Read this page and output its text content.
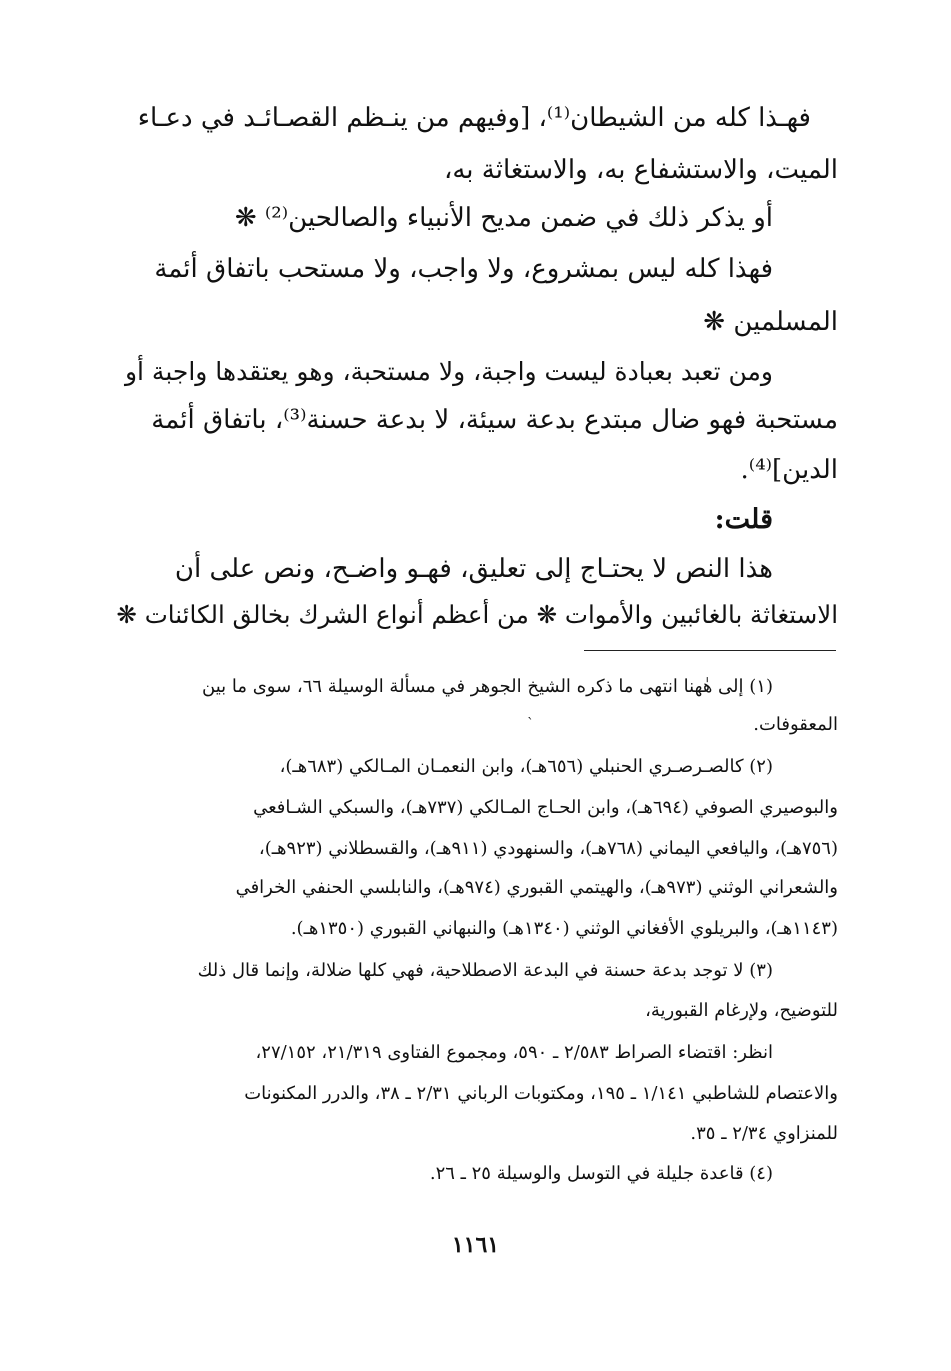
فهـذا كله من الشيطان⁽¹⁾، [وفيهم من ينـظم القصـائـد في دعـاء
الميت، والاستشفاع به، والاستغاثة به،
أو يذكر ذلك في ضمن مديح الأنبياء والصالحين⁽²⁾ ❋
فهذا كله ليس بمشروع، ولا واجب، ولا مستحب باتفاق أئمة
المسلمين ❋
ومن تعبد بعبادة ليست واجبة، ولا مستحبة، وهو يعتقدها واجبة أو
مستحبة فهو ضال مبتدع بدعة سيئة، لا بدعة حسنة⁽³⁾، باتفاق أئمة
الدين]⁽⁴⁾.
قلت:
هذا النص لا يحتـاج إلى تعليق، فهـو واضـح، ونص على أن
الاستغاثة بالغائبين والأموات ❋ من أعظم أنواع الشرك بخالق الكائنات ❋
(١) إلى هٰهنا انتهى ما ذكره الشيخ الجوهر في مسألة الوسيلة ٦٦، سوى ما بين
المعقوفات.
ˋ
(٢) كالصـرصـري الحنبلي (٦٥٦هـ)، وابن النعمـان المـالكي (٦٨٣هـ)،
والبوصيري الصوفي (٦٩٤هـ)، وابن الحـاج المـالكي (٧٣٧هـ)، والسبكي الشـافعي
(٧٥٦هـ)، واليافعي اليماني (٧٦٨هـ)، والسنهودي (٩١١هـ)، والقسطلاني (٩٢٣هـ)،
والشعراني الوثني (٩٧٣هـ)، والهيتمي القبوري (٩٧٤هـ)، والنابلسي الحنفي الخرافي
(١١٤٣هـ)، والبريلوي الأفغاني الوثني (١٣٤٠هـ) والنبهاني القبوري (١٣٥٠هـ).
(٣) لا توجد بدعة حسنة في البدعة الاصطلاحية، فهي كلها ضلالة، وإنما قال ذلك
للتوضيح، ولإرغام القبورية،
انظر: اقتضاء الصراط ٢/٥٨٣ ـ ٥٩٠، ومجموع الفتاوى ٢١/٣١٩، ٢٧/١٥٢،
والاعتصام للشاطبي ١/١٤١ ـ ١٩٥، ومكتوبات الرباني ٢/٣١ ـ ٣٨، والدرر المكنونات
للمنزاوي ٢/٣٤ ـ ٣٥.
(٤) قاعدة جليلة في التوسل والوسيلة ٢٥ ـ ٢٦.
١١٦١
